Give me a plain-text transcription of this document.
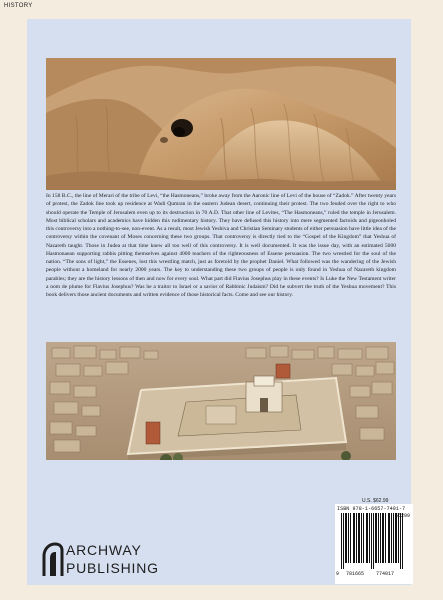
HISTORY
In 158 B.C., the line of Merari of the tribe of Levi, “the Hasmoneans,” broke away from the Aaronic line of Levi of the house of “Zadok.” After twenty years of protest, the Zadok line took up residence at Wadi Qumran in the eastern Judean desert, continuing their protest. The two feuded over the right to who should operate the Temple of Jerusalem even up to its destruction in 70 A.D. That other line of Levites, “The Hasmoneans,” ruled the temple in Jerusalem. Most biblical scholars and academics have hidden this rudimentary history. They have defused this history into mere segmented factoids and pigeonholed this controversy into a nothing-to-see, non-event. As a result, most Jewish Yeshiva and Christian Seminary students of either persuasion have little idea of the controversy within the covenant of Moses concerning these two groups. That controversy is directly tied to the “Gospel of the Kingdom” that Yeshua of Nazareth taught. Those in Judea at that time knew all too well of this controversy. It is well documented. It was the issue day, with an estimated 5000 Hasmonaean supporting rabbis pitting themselves against 4000 teachers of the righteousness of Essene persuasion. The two wrestled for the soul of the nation. “The sons of light,” the Essenes, lost this wrestling match, just as foretold by the prophet Daniel. What followed was the wandering of the Jewish people without a homeland for nearly 2000 years. The key to understanding these two groups of people is only found in Yeshua of Nazareth kingdom parables; they are the history lessons of then and now for every soul. What part did Flavius Josephus play in these events? Is Luke the New Testament writer a nom de plume for Flavius Josephus? Was he a traitor to Israel or a savior of Rabbinic Judaism? Did he subvert the truth of the Yeshua movement? This book delivers those ancient documents and written evidence of those historical facts. Come and see our history.
U.S. $62.99
ISBN 978-1-6657-7401-7
9 781665 774017
56299
ARCHWAY
PUBLISHING
